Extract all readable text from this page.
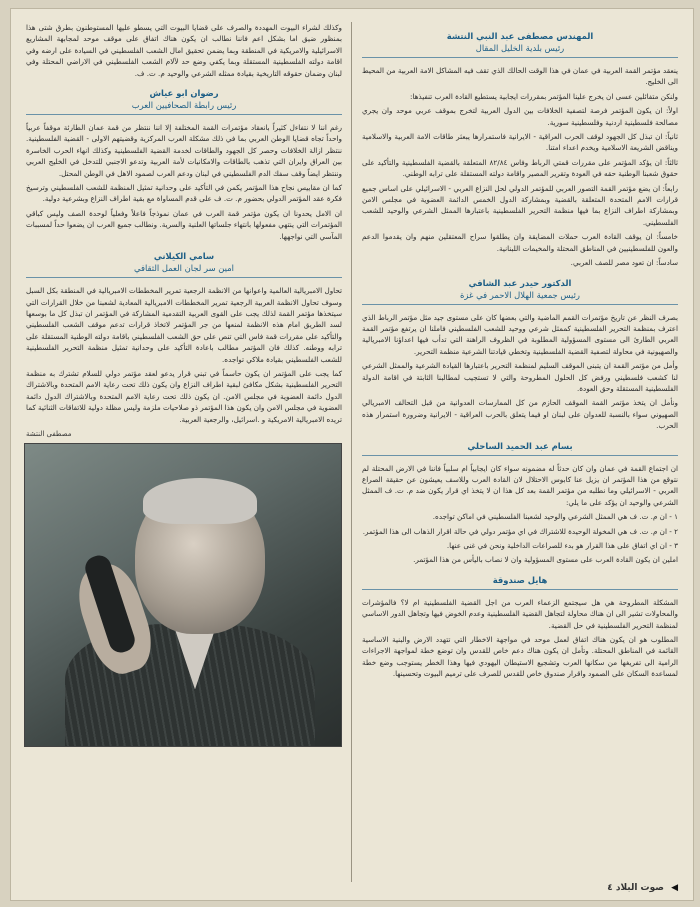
المهندس مصطفى عبد النبي النتشة
رئيس بلدية الخليل المقال

ينعقد مؤتمر القمة العربية في عمان في هذا الوقت الحالك الذي تقف فيه المشاكل الامة العربية من المحيط الى الخليج.

ولنكن متفائلين عسى ان يخرج علينا المؤتمر بمقررات ايجابية يستطيع القادة العرب تنفيذها:

اولاً: ان يكون المؤتمر فرصة لتصفية الخلافات بين الدول العربية لتخرج بموقف عربي موحد وان يجري مصالحة فلسطينية اردنية وفلسطينية سورية.

ثانياً: ان تبذل كل الجهود لوقف الحرب العراقية - الايرانية فاستمرارها يبعثر طاقات الامة العربية والاسلامية ويناقض الشريعة الاسلامية ويخدم اعداء امتنا.

ثالثاً: ان يؤكد المؤتمر على مقررات قمتي الرباط وفاس ٨٢/٨٤ المتعلقة بالقضية الفلسطينية والتأكيد على حقوق شعبنا الوطنية حقه في العودة وتقرير المصير واقامة دولته المستقلة على ترابه الوطني.

رابعاً: ان يضع مؤتمر القمة التصور العربي للمؤتمر الدولي لحل النزاع العربي - الاسرائيلي على اساس جميع قرارات الامم المتحدة المتعلقة بالقضية وبمشاركة الدول الخمس الدائمة العضوية في مجلس الامن وبمشاركة اطراف النزاع بما فيها منظمة التحرير الفلسطينية باعتبارها الممثل الشرعي والوحيد للشعب الفلسطيني.

خامساً: ان يوقف القادة العرب حملات المضايقة وان يطلقوا سراح المعتقلين منهم وان يقدموا الدعم والعون للفلسطينيين في المناطق المحتلة والمخيمات اللبنانية.

سادساً: ان تعود مصر للصف العربي.

الدكتور حيدر عبد الشافي
رئيس جمعية الهلال الاحمر في غزة

بصرف النظر عن تاريخ مؤتمرات القمم الماضية والتي بعضها كان على مستوى جيد مثل مؤتمر الرباط الذي اعترف بمنظمة التحرير الفلسطينية كممثل شرعي ووحيد للشعب الفلسطيني فاملنا ان يرتفع مؤتمر القمة العربي الطارئ الى مستوى المسؤولية المطلوبة في الظروف الراهنة التي تدأب فيها اعداؤنا الامبريالية والصهيونية في محاولة لتصفية القضية الفلسطينية وتخطي قيادتنا الشرعية منظمة التحرير.

وأمل من مؤتمر القمة ان يتبنى الموقف السليم لمنظمة التحرير باعتبارها القيادة الشرعية والممثل الشرعي لنا كشعب فلسطيني ورفض كل الحلول المطروحة والتي لا تستجيب لمطالبنا الثابتة في اقامة الدولة الفلسطينية المستقلة وحق العودة.

ونأمل ان يتخذ مؤتمر القمة الموقف الحازم من كل الممارسات العدوانية من قبل التحالف الامبريالي الصهيوني سواء بالنسبة للعدوان على لبنان او فيما يتعلق بالحرب العراقية - الايرانية وضرورة استمرار هذه الحرب.

بسام عبد الحميد الساحلي

ان اجتماع القمة في عمان وان كان حدثاً له مضمونه سواء كان ايجابياً ام سلبياً فاننا في الارض المحتلة لم نتوقع من هذا المؤتمر ان يزيل عنا كابوس الاحتلال لان القادة العرب وللاسف يعيشون عن حقيقة الصراع العربي - الاسرائيلي وما نطلبه من مؤتمر القمة بعد كل هذا ان لا يتخذ اي قرار يكون ضد م. ت. ف الممثل الشرعي والوحيد ان يؤكد على ما يلي:

١ - ان م. ت. ف هي الممثل الشرعي والوحيد لشعبنا الفلسطيني في اماكن تواجده.

٢ - ان م. ت. ف هي المخولة الوحيدة للاشتراك في اي مؤتمر دولي في حالة اقرار الذهاب الى هذا المؤتمر.

٣ - ان اي اتفاق على هذا القرار هو بدء للصراعات الداخلية ونحن في غنى عنها.

املين ان يكون القادة العرب على مستوى المسؤولية وان لا نصاب باليأس من هذا المؤتمر.

هايل صندوقة

المشكلة المطروحة هي هل سيجتمع الزعماء العرب من اجل القضية الفلسطينية ام لا؟ فالمؤشرات والمحاولات تشير الى ان هناك محاولة لتجاهل القضية الفلسطينية وعدم الخوض فيها وتجاهل الدور الاساسي لمنظمة التحرير الفلسطينية في حل القضية.

المطلوب هو ان يكون هناك اتفاق لعمل موحد في مواجهة الاخطار التي تتهدد الارض والبنية الاساسية القائمة في المناطق المحتلة. وتأمل ان يكون هناك دعم خاص للقدس وان توضع خطة لمواجهة الاجراءات الرامية الى تفريغها من سكانها العرب وتشجيع الاستيطان اليهودي فيها وهذا الخطر يستوجب وضع خطة لمساعدة السكان على الصمود واقرار صندوق خاص للقدس للصرف على ترميم البيوت وتحسينها.

وكذلك لشراء البيوت المهددة والصرف على قضايا البيوت التي يسطو عليها المستوطنون بطرق شتى هذا بمنظور ضيق اما بشكل اعم فاننا نطالب ان يكون هناك اتفاق على موقف موحد لمجابهة المشاريع الاسرائيلية والامريكية في المنطقة وبما يضمن تحقيق امال الشعب الفلسطيني في السيادة على ارضه وفي اقامة دولته الفلسطينية المستقلة وبما يكفي وضع حد لآلام الشعب الفلسطيني في الاراضي المحتلة وفي لبنان وضمان حقوقه التاريخية بقيادة ممثله الشرعي والوحيد م. ت. ف.

رضوان ابو عياش
رئيس رابطة الصحافيين العرب

رغم اننا لا نتفاءل كثيراً بانعقاد مؤتمرات القمة المختلفة إلا اننا ننتظر من قمة عمان الطارئة موقفاً عربياً واحداً تجاه قضايا الوطن العربي بما في ذلك مشكلة العرب المركزية وقضيتهم الاولى - القضية الفلسطينية. ننتظر ازالة الخلافات وحصر كل الجهود والطاقات لخدمة القضية الفلسطينية وكذلك انهاء الحرب الخاسرة بين العراق وايران التي تذهب بالطاقات والامكانيات لأمة العربية وتدعو الاجنبي للتدخل في الخليج العربي وننتظر ايضاً وقف سفك الدم الفلسطيني في لبنان ودعم العرب لصمود الاهل في الوطن المحتل.

كما ان مقاييس نجاح هذا المؤتمر يكمن في التأكيد على وحدانية تمثيل المنظمة للشعب الفلسطيني وترسيخ فكرة عقد المؤتمر الدولي بحضور م. ت. ف على قدم المساواة مع بقية اطراف النزاع وبشرعية دولية.

ان الامل يحدونا ان يكون مؤتمر قمة العرب في عمان نموذجاً فاعلاً وفعلياً لوحدة الصف وليس كباقي المؤتمرات التي ينتهي مفعولها بانتهاء جلساتها العلنية والسرية. ونطالب جميع العرب ان يضعوا حداً لمسببات المآسي التي نواجهها.

سامي الكيلاني
امين سر لجان العمل الثقافي

تحاول الامبريالية العالمية واعوانها من الانظمة الرجعية تمرير المخططات الامبريالية في المنطقة بكل السبل وسوف تحاول الانظمة العربية الرجعية تمرير المخططات الامبريالية المعادية لشعبنا من خلال القرارات التي سيتخذها مؤتمر القمة لذلك يجب على القوى العربية التقدمية المشاركة في المؤتمر ان تبذل كل ما بوسعها لسد الطريق امام هذه الانظمة لمنعها من جر المؤتمر لاتخاذ قرارات تدعم موقف الشعب الفلسطيني والتأكيد على مقررات قمة فاس التي تنص على حق الشعب الفلسطيني باقامة دولته الوطنية المستقلة على ترابه ووطنه. كذلك فان المؤتمر مطالب باعادة التأكيد على وحدانية تمثيل منظمة التحرير الفلسطينية للشعب الفلسطيني بقيادة ملاكي تواجده.

كما يجب على المؤتمر ان يكون حاسماً في تبني قرار يدعو لعقد مؤتمر دولي للسلام تشترك به منظمة التحرير الفلسطينية بشكل مكافئ لبقية اطراف النزاع وان يكون ذلك تحت رعاية الامم المتحدة وبالاشتراك الدول دائمة العضوية في مجلس الامن. ان يكون ذلك تحت رعاية الامم المتحدة وبالاشتراك الدول دائمة العضوية في مجلس الامن وان يكون هذا المؤتمر ذو صلاحيات ملزمة وليس مظلة دولية للاتفاقات الثنائية كما تريده الامبريالية الامريكية و .اسرائيل، والرجعية العربية.

مصطفى النتشة
◀ صوت البلاد ٤
